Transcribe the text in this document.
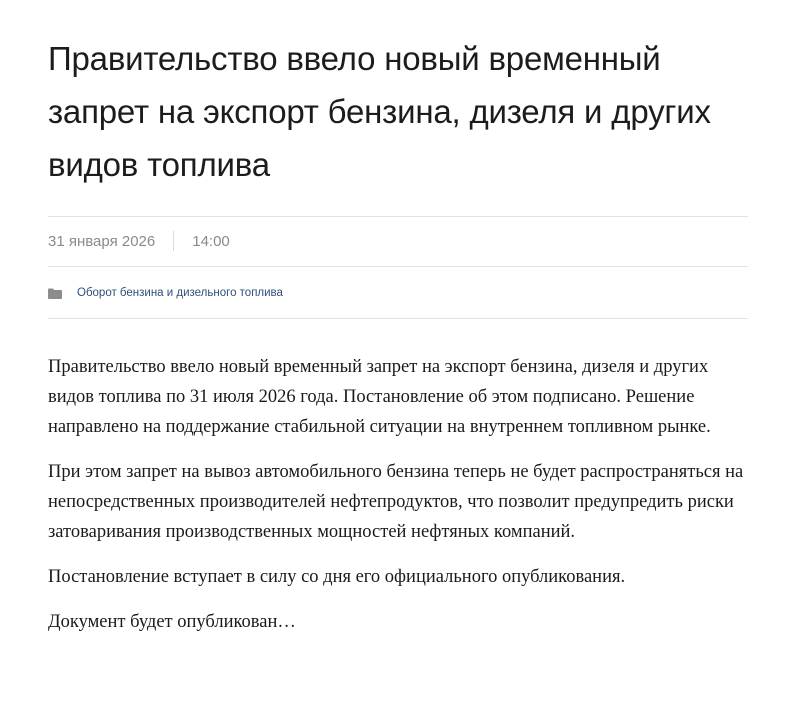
Правительство ввело новый временный запрет на экспорт бензина, дизеля и других видов топлива
31 января 2026	14:00
Оборот бензина и дизельного топлива

Правительство ввело новый временный запрет на экспорт бензина, дизеля и других видов топлива по 31 июля 2026 года. Постановление об этом подписано. Решение направлено на поддержание стабильной ситуации на внутреннем топливном рынке.

При этом запрет на вывоз автомобильного бензина теперь не будет распространяться на непосредственных производителей нефтепродуктов, что позволит предупредить риски затоваривания производственных мощностей нефтяных компаний.

Постановление вступает в силу со дня его официального опубликования.

Документ будет опубликован…
